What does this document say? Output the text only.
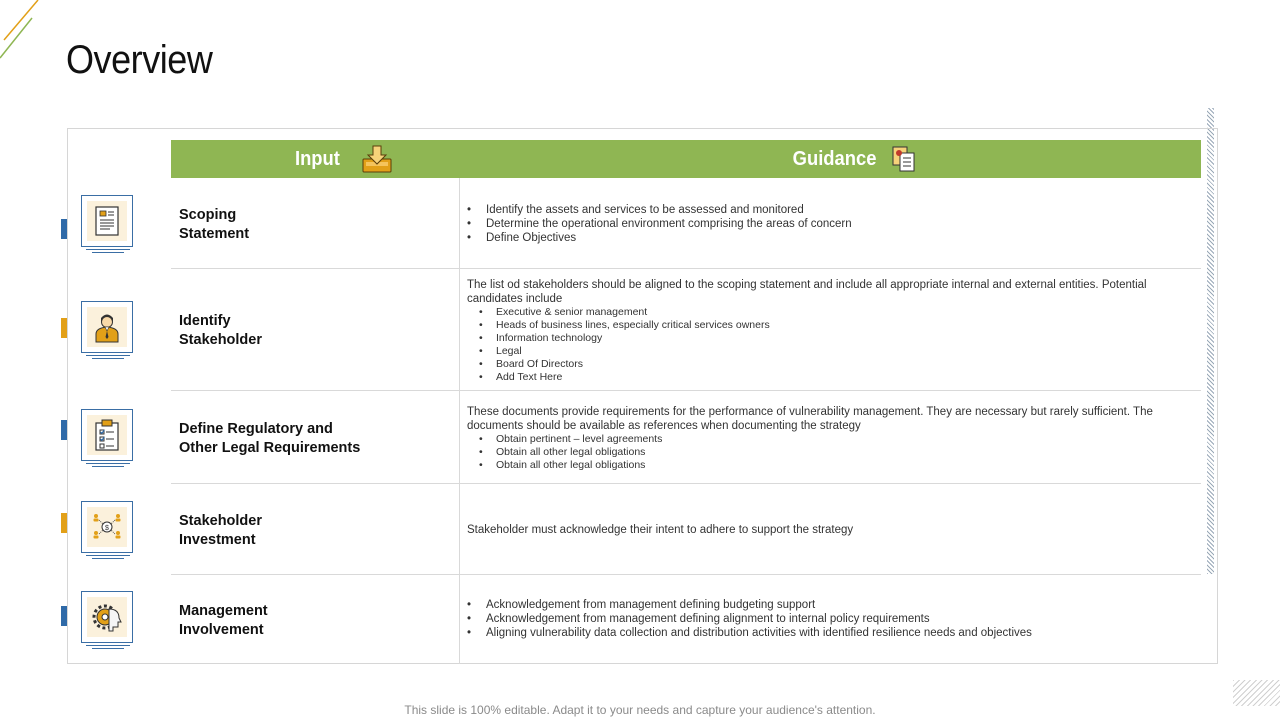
Overview
Input	Guidance
Scoping
Statement
• Identify the assets and services to be assessed and monitored
• Determine the operational environment comprising the areas of concern
• Define Objectives
Identify
Stakeholder

The list od stakeholders should be aligned to the scoping statement and include all appropriate internal and external entities. Potential candidates include

• Executive & senior management
• Heads of business lines, especially critical services owners
• Information technology
• Legal
• Board Of Directors
• Add Text Here
Define Regulatory and
Other Legal Requirements

These documents provide requirements for the performance of vulnerability management. They are necessary but rarely sufficient. The documents should be available as references when documenting the strategy

• Obtain pertinent – level agreements
• Obtain all other legal obligations
• Obtain all other legal obligations
$	Stakeholder
Investment

Stakeholder must acknowledge their intent to adhere to support the strategy

Management
Involvement
• Acknowledgement from management defining budgeting support
• Acknowledgement from management defining alignment to internal policy requirements
• Aligning vulnerability data collection and distribution activities with identified resilience needs and objectives
This slide is 100% editable. Adapt it to your needs and capture your audience's attention.
